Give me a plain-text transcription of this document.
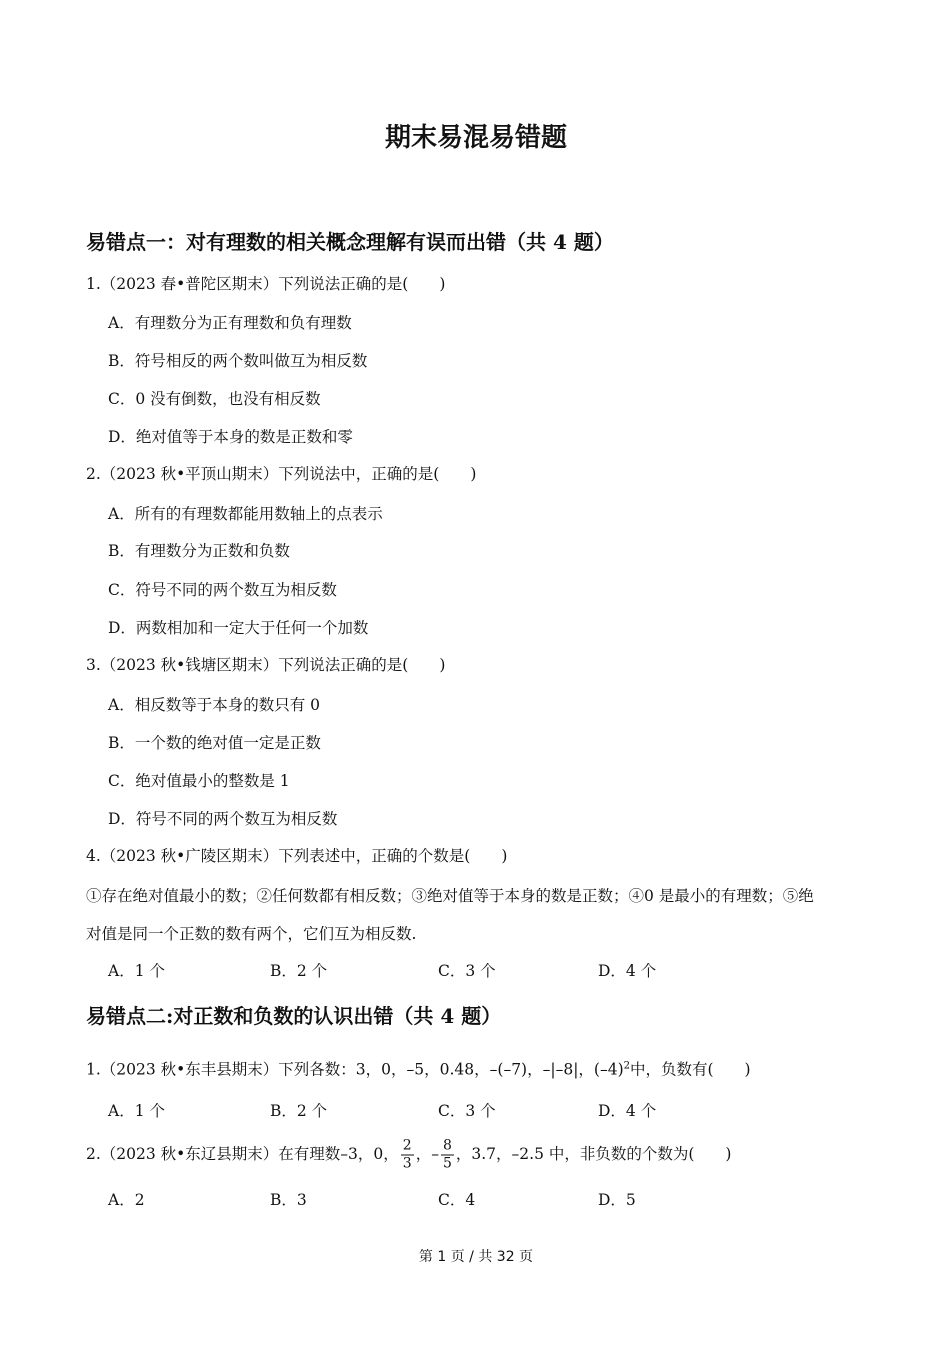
期末易混易错题
易错点一：对有理数的相关概念理解有误而出错（共 4 题）
1.（2023 春•普陀区期末）下列说法正确的是(　　)
A．有理数分为正有理数和负有理数
B．符号相反的两个数叫做互为相反数
C．0 没有倒数，也没有相反数
D．绝对值等于本身的数是正数和零
2.（2023 秋•平顶山期末）下列说法中，正确的是(　　)
A．所有的有理数都能用数轴上的点表示
B．有理数分为正数和负数
C．符号不同的两个数互为相反数
D．两数相加和一定大于任何一个加数
3.（2023 秋•钱塘区期末）下列说法正确的是(　　)
A．相反数等于本身的数只有 0
B．一个数的绝对值一定是正数
C．绝对值最小的整数是 1
D．符号不同的两个数互为相反数
4.（2023 秋•广陵区期末）下列表述中，正确的个数是(　　)
①存在绝对值最小的数；②任何数都有相反数；③绝对值等于本身的数是正数；④0 是最小的有理数；⑤绝
对值是同一个正数的数有两个，它们互为相反数.
A．1 个	B．2 个	C．3 个	D．4 个
易错点二:对正数和负数的认识出错（共 4 题）
1.（2023 秋•东丰县期末）下列各数：3，0，–5，0.48，–(–7)，–|–8|，$(-4)^2$中，负数有(　　)
A．1 个	B．2 个	C．3 个	D．4 个
2.（2023 秋•东辽县期末）在有理数–3，0， $\frac{2}{3}$ ，– $\frac{8}{5}$ ，3.7，–2.5 中，非负数的个数为(　　)
A．2	B．3	C．4	D．5
第 1 页 / 共 32 页
